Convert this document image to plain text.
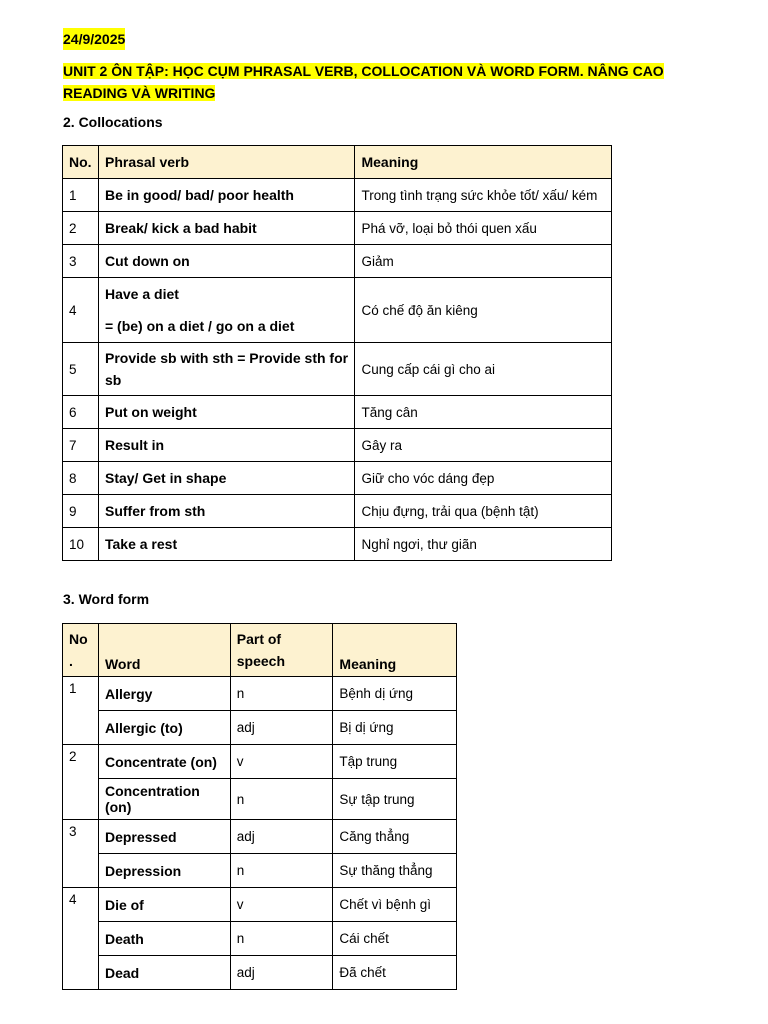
24/9/2025
UNIT 2 ÔN TẬP: HỌC CỤM PHRASAL VERB, COLLOCATION VÀ WORD FORM. NÂNG CAO READING VÀ WRITING
2. Collocations
No.	Phrasal verb	Meaning
1	Be in good/ bad/ poor health	Trong tình trạng sức khỏe tốt/ xấu/ kém
2	Break/ kick a bad habit	Phá vỡ, loại bỏ thói quen xấu
3	Cut down on	Giảm
4	Have a diet
= (be) on a diet / go on a diet	Có chế độ ăn kiêng
5	Provide sb with sth = Provide sth for sb	Cung cấp cái gì cho ai
6	Put on weight	Tăng cân
7	Result in	Gây ra
8	Stay/ Get in shape	Giữ cho vóc dáng đẹp
9	Suffer from sth	Chịu đựng, trải qua (bệnh tật)
10	Take a rest	Nghỉ ngơi, thư giãn
3. Word form
No .	Word	Part of speech	Meaning
1	Allergy	n	Bệnh dị ứng
	Allergic (to)	adj	Bị dị ứng
2	Concentrate (on)	v	Tập trung
	Concentration (on)	n	Sự tập trung
3	Depressed	adj	Căng thẳng
	Depression	n	Sự thăng thẳng
4	Die of	v	Chết vì bệnh gì
	Death	n	Cái chết
	Dead	adj	Đã chết
